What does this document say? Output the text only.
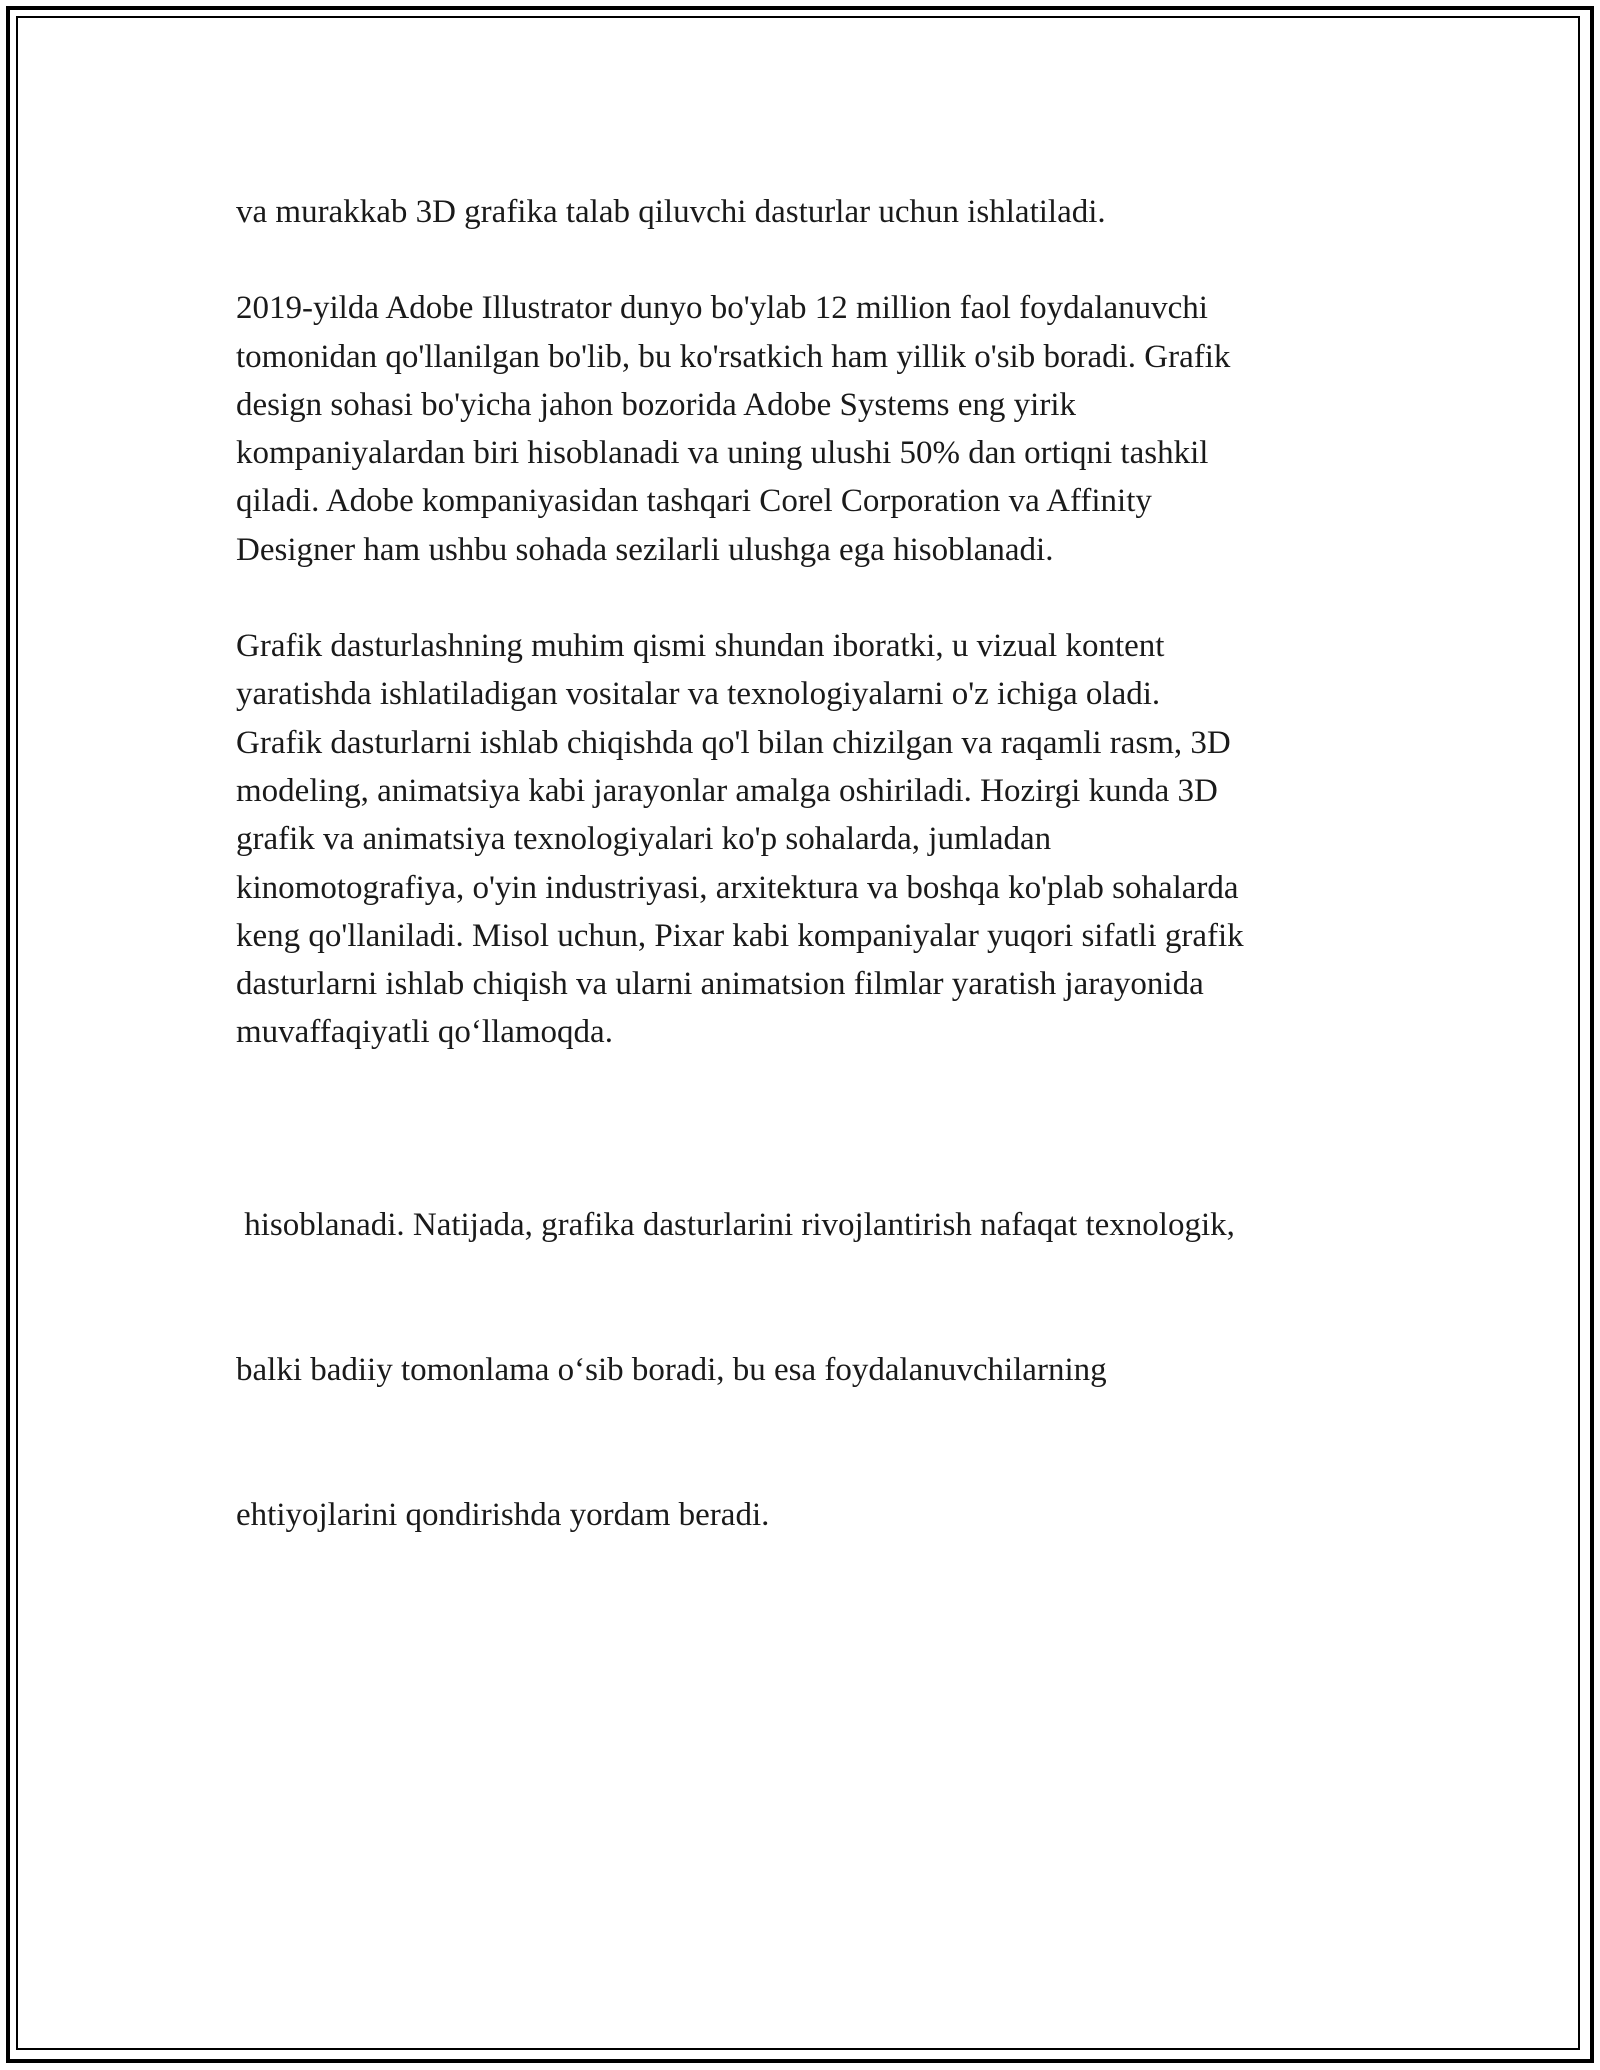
va murakkab 3D grafika talab qiluvchi dasturlar uchun ishlatiladi.

2019-yilda Adobe Illustrator dunyo bo'ylab 12 million faol foydalanuvchi
tomonidan qo'llanilgan bo'lib, bu ko'rsatkich ham yillik o'sib boradi. Grafik
design sohasi bo'yicha jahon bozorida Adobe Systems eng yirik
kompaniyalardan biri hisoblanadi va uning ulushi 50% dan ortiqni tashkil
qiladi. Adobe kompaniyasidan tashqari Corel Corporation va Affinity
Designer ham ushbu sohada sezilarli ulushga ega hisoblanadi.

Grafik dasturlashning muhim qismi shundan iboratki, u vizual kontent
yaratishda ishlatiladigan vositalar va texnologiyalarni o'z ichiga oladi.
Grafik dasturlarni ishlab chiqishda qo'l bilan chizilgan va raqamli rasm, 3D
modeling, animatsiya kabi jarayonlar amalga oshiriladi. Hozirgi kunda 3D
grafik va animatsiya texnologiyalari ko'p sohalarda, jumladan
kinomotografiya, o'yin industriyasi, arxitektura va boshqa ko'plab sohalarda
keng qo'llaniladi. Misol uchun, Pixar kabi kompaniyalar yuqori sifatli grafik
dasturlarni ishlab chiqish va ularni animatsion filmlar yaratish jarayonida
muvaffaqiyatli qo‘llamoqda.

hisoblanadi. Natijada, grafika dasturlarini rivojlantirish nafaqat texnologik,

balki badiiy tomonlama o‘sib boradi, bu esa foydalanuvchilarning

ehtiyojlarini qondirishda yordam beradi.
